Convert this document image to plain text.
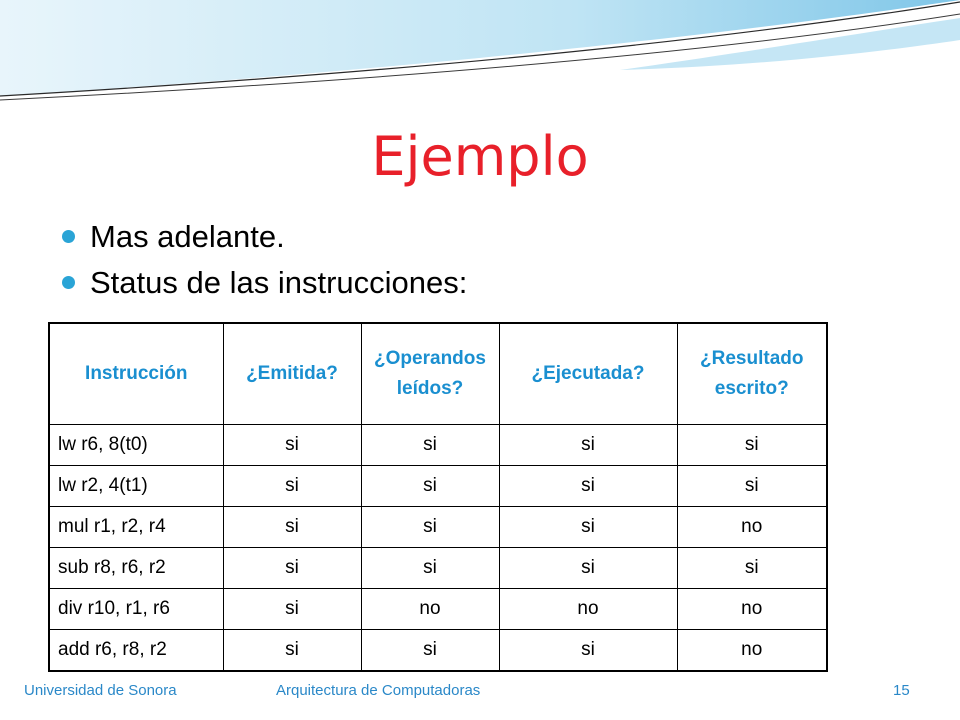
Ejemplo
Mas adelante.
Status de las instrucciones:
Instrucción	¿Emitida?	¿Operandos leídos?	¿Ejecutada?	¿Resultado escrito?
lw r6, 8(t0)	si	si	si	si
lw r2, 4(t1)	si	si	si	si
mul r1, r2, r4	si	si	si	no
sub r8, r6, r2	si	si	si	si
div r10, r1, r6	si	no	no	no
add r6, r8, r2	si	si	si	no
Universidad de Sonora	Arquitectura de Computadoras	15
